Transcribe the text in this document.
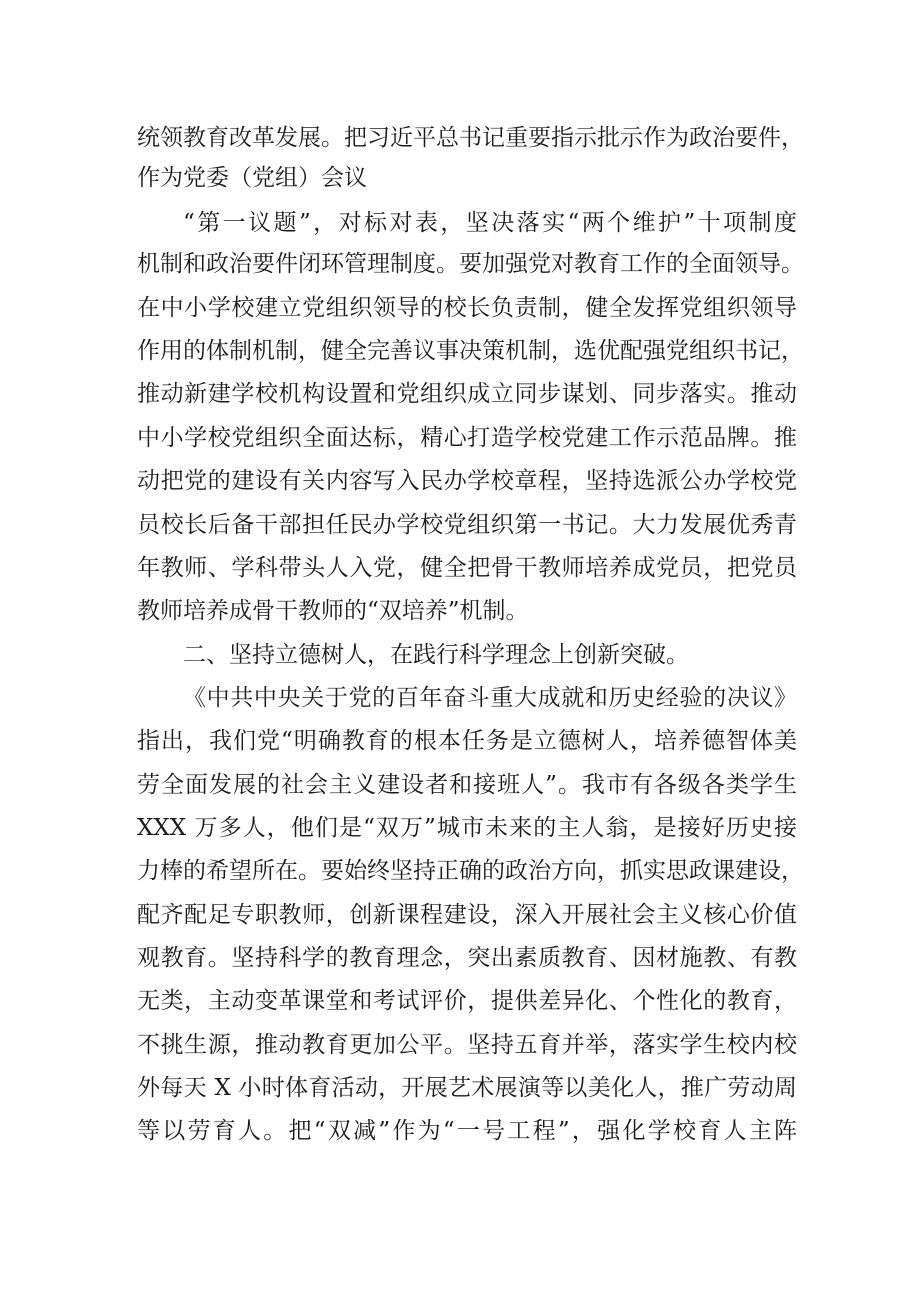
统领教育改革发展。把习近平总书记重要指示批示作为政治要件，
作为党委（党组）会议
“第一议题”，对标对表，坚决落实“两个维护”十项制度
机制和政治要件闭环管理制度。要加强党对教育工作的全面领导。
在中小学校建立党组织领导的校长负责制，健全发挥党组织领导
作用的体制机制，健全完善议事决策机制，选优配强党组织书记，
推动新建学校机构设置和党组织成立同步谋划、同步落实。推动
中小学校党组织全面达标，精心打造学校党建工作示范品牌。推
动把党的建设有关内容写入民办学校章程，坚持选派公办学校党
员校长后备干部担任民办学校党组织第一书记。大力发展优秀青
年教师、学科带头人入党，健全把骨干教师培养成党员，把党员
教师培养成骨干教师的“双培养”机制。
二、坚持立德树人，在践行科学理念上创新突破。
《中共中央关于党的百年奋斗重大成就和历史经验的决议》
指出，我们党“明确教育的根本任务是立德树人，培养德智体美
劳全面发展的社会主义建设者和接班人”。我市有各级各类学生
XXX 万多人，他们是“双万”城市未来的主人翁，是接好历史接
力棒的希望所在。要始终坚持正确的政治方向，抓实思政课建设，
配齐配足专职教师，创新课程建设，深入开展社会主义核心价值
观教育。坚持科学的教育理念，突出素质教育、因材施教、有教
无类，主动变革课堂和考试评价，提供差异化、个性化的教育，
不挑生源，推动教育更加公平。坚持五育并举，落实学生校内校
外每天 X 小时体育活动，开展艺术展演等以美化人，推广劳动周
等以劳育人。把“双减”作为“一号工程”，强化学校育人主阵
